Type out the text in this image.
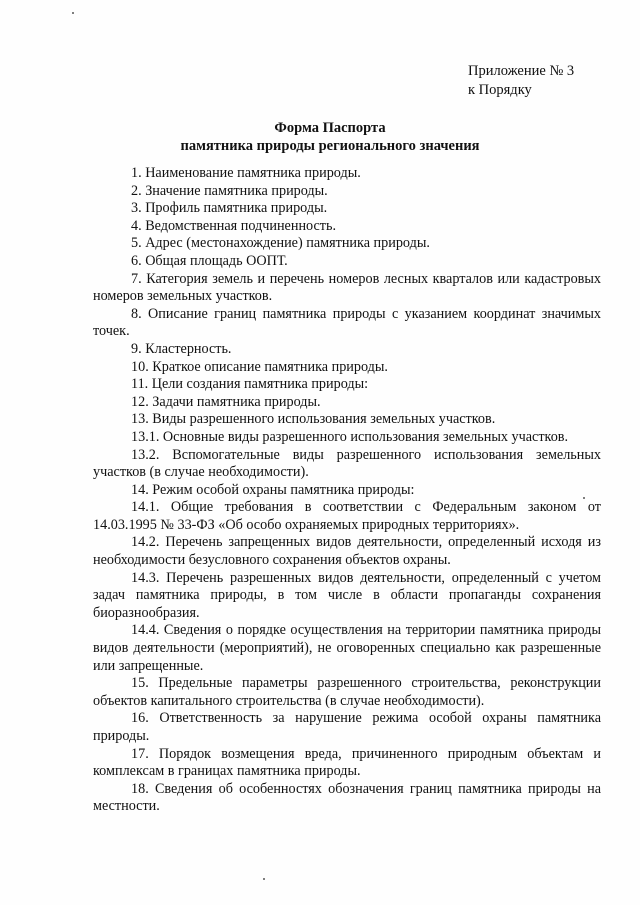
Приложение № 3
к Порядку
Форма Паспорта
памятника природы регионального значения

1. Наименование памятника природы.

2. Значение памятника природы.

3. Профиль памятника природы.

4. Ведомственная подчиненность.

5. Адрес (местонахождение) памятника природы.

6. Общая площадь ООПТ.

7. Категория земель и перечень номеров лесных кварталов или кадастровых номеров земельных участков.

8. Описание границ памятника природы с указанием координат значимых точек.

9. Кластерность.

10. Краткое описание памятника природы.

11. Цели создания памятника природы:

12. Задачи памятника природы.

13. Виды разрешенного использования земельных участков.

13.1. Основные виды разрешенного использования земельных участков.

13.2. Вспомогательные виды разрешенного использования земельных участков (в случае необходимости).

14. Режим особой охраны памятника природы:

14.1. Общие требования в соответствии с Федеральным законом от 14.03.1995 № 33-ФЗ «Об особо охраняемых природных территориях».

14.2. Перечень запрещенных видов деятельности, определенный исходя из необходимости безусловного сохранения объектов охраны.

14.3. Перечень разрешенных видов деятельности, определенный с учетом задач памятника природы, в том числе в области пропаганды сохранения биоразнообразия.

14.4. Сведения о порядке осуществления на территории памятника природы видов деятельности (мероприятий), не оговоренных специально как разрешенные или запрещенные.

15. Предельные параметры разрешенного строительства, реконструкции объектов капитального строительства (в случае необходимости).

16. Ответственность за нарушение режима особой охраны памятника природы.

17. Порядок возмещения вреда, причиненного природным объектам и комплексам в границах памятника природы.

18. Сведения об особенностях обозначения границ памятника природы на местности.
